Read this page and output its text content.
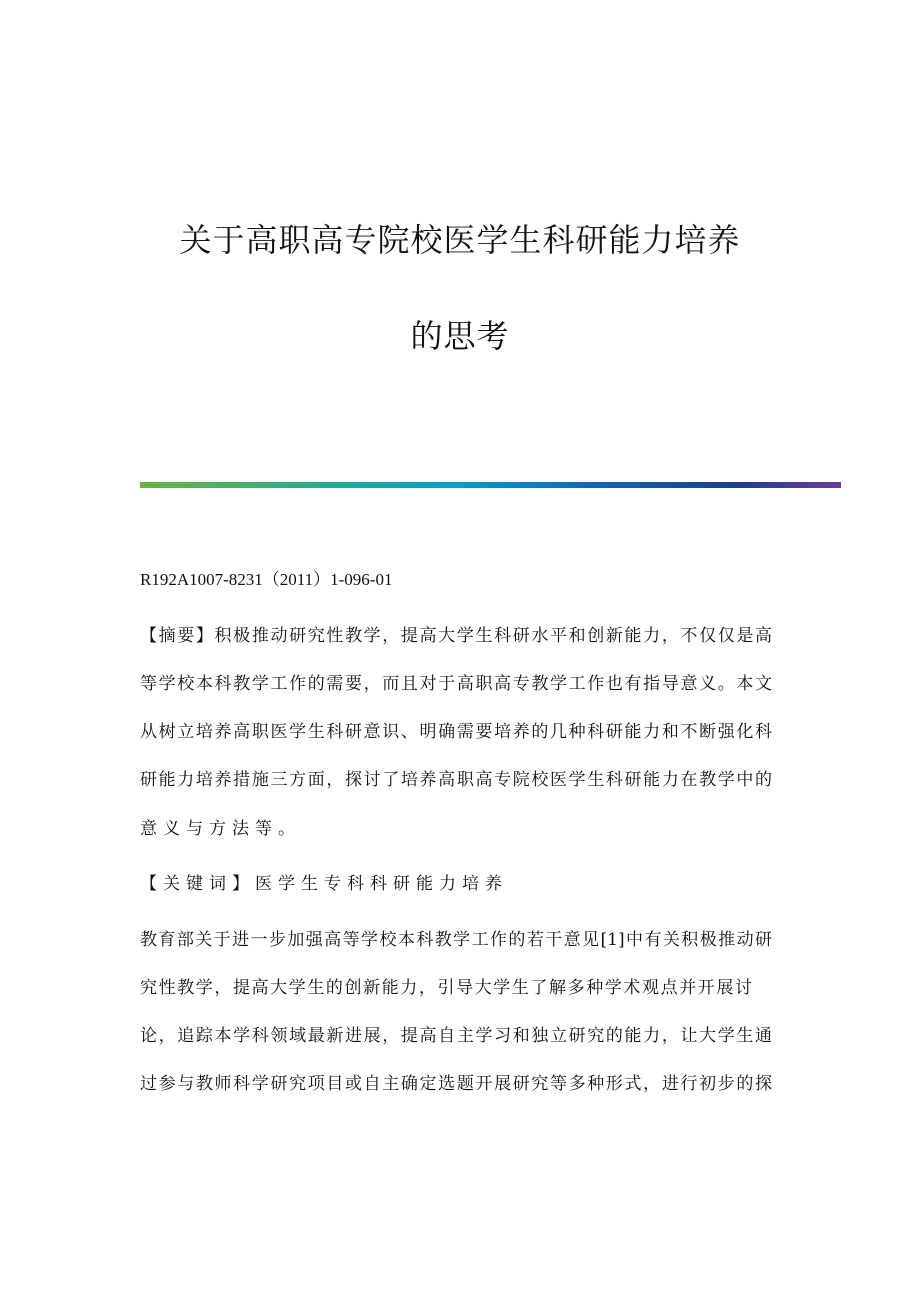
关于高职高专院校医学生科研能力培养
的思考
R192A1007-8231（2011）1-096-01
【摘要】积极推动研究性教学，提高大学生科研水平和创新能力，不仅仅是高
等学校本科教学工作的需要，而且对于高职高专教学工作也有指导意义。本文
从树立培养高职医学生科研意识、明确需要培养的几种科研能力和不断强化科
研能力培养措施三方面，探讨了培养高职高专院校医学生科研能力在教学中的
意义与方法等。
【关键词】医学生专科科研能力培养
教育部关于进一步加强高等学校本科教学工作的若干意见[1]中有关积极推动研
究性教学，提高大学生的创新能力，引导大学生了解多种学术观点并开展讨
论，追踪本学科领域最新进展，提高自主学习和独立研究的能力，让大学生通
过参与教师科学研究项目或自主确定选题开展研究等多种形式，进行初步的探
